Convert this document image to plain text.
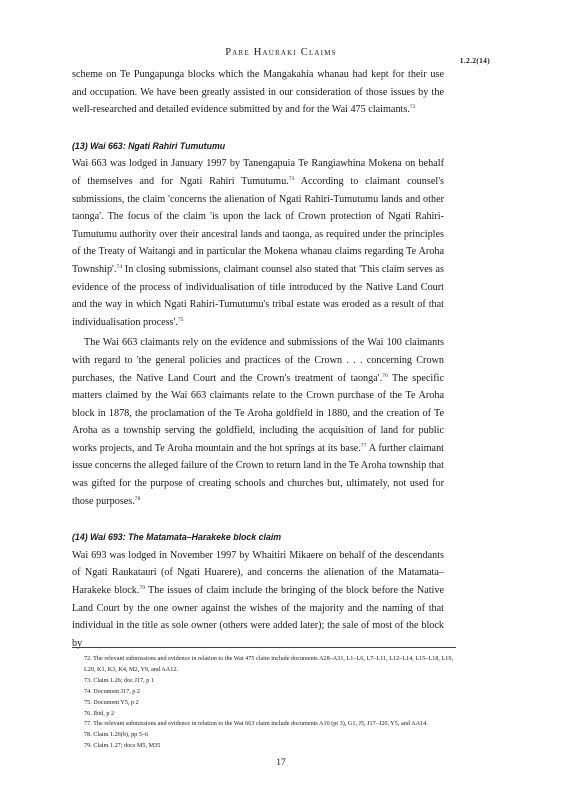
Pare Hauraki Claims
1.2.2(14)

scheme on Te Pungapunga blocks which the Mangakahia whanau had kept for their use and occupation. We have been greatly assisted in our consideration of those issues by the well-researched and detailed evidence submitted by and for the Wai 475 claimants.$^{72}$

(13) Wai 663: Ngati Rahiri Tumutumu

Wai 663 was lodged in January 1997 by Tanengapuia Te Rangiawhina Mokena on behalf of themselves and for Ngati Rahiri Tumutumu.$^{73}$ According to claimant counsel's submissions, the claim 'concerns the alienation of Ngati Rahiri-Tumutumu lands and other taonga'. The focus of the claim 'is upon the lack of Crown protection of Ngati Rahiri-Tumutumu authority over their ancestral lands and taonga, as required under the principles of the Treaty of Waitangi and in particular the Mokena whanau claims regarding Te Aroha Township'.$^{74}$ In closing submissions, claimant counsel also stated that 'This claim serves as evidence of the process of individualisation of title introduced by the Native Land Court and the way in which Ngati Rahiri-Tumutumu's tribal estate was eroded as a result of that individualisation process'.$^{75}$

The Wai 663 claimants rely on the evidence and submissions of the Wai 100 claimants with regard to 'the general policies and practices of the Crown . . . concerning Crown purchases, the Native Land Court and the Crown's treatment of taonga'.$^{76}$ The specific matters claimed by the Wai 663 claimants relate to the Crown purchase of the Te Aroha block in 1878, the proclamation of the Te Aroha goldfield in 1880, and the creation of Te Aroha as a township serving the goldfield, including the acquisition of land for public works projects, and Te Aroha mountain and the hot springs at its base.$^{77}$ A further claimant issue concerns the alleged failure of the Crown to return land in the Te Aroha township that was gifted for the purpose of creating schools and churches but, ultimately, not used for those purposes.$^{78}$

(14) Wai 693: The Matamata–Harakeke block claim

Wai 693 was lodged in November 1997 by Whaitiri Mikaere on behalf of the descendants of Ngati Raukatauri (of Ngati Huarere), and concerns the alienation of the Matamata–Harakeke block.$^{79}$ The issues of claim include the bringing of the block before the Native Land Court by the one owner against the wishes of the majority and the naming of that individual in the title as sole owner (others were added later); the sale of most of the block by

72. The relevant submissions and evidence in relation to the Wai 475 claim include documents A28–A31, L1–L6, L7–L11, L12–L14, L15–L18, L19, L20, K1, K3, K4, M2, Y9, and AA12.

73. Claim 1.26; doc J17, p 1

74. Document J17, p 2

75. Document Y5, p 2

76. Ibid, p 2

77. The relevant submissions and evidence in relation to the Wai 663 claim include documents A10 (pt 3), G1, J5, J17–J20, Y5, and AA14.

78. Claim 1.26(b), pp 5–6

79. Claim 1.27; docs M5, M35

17
